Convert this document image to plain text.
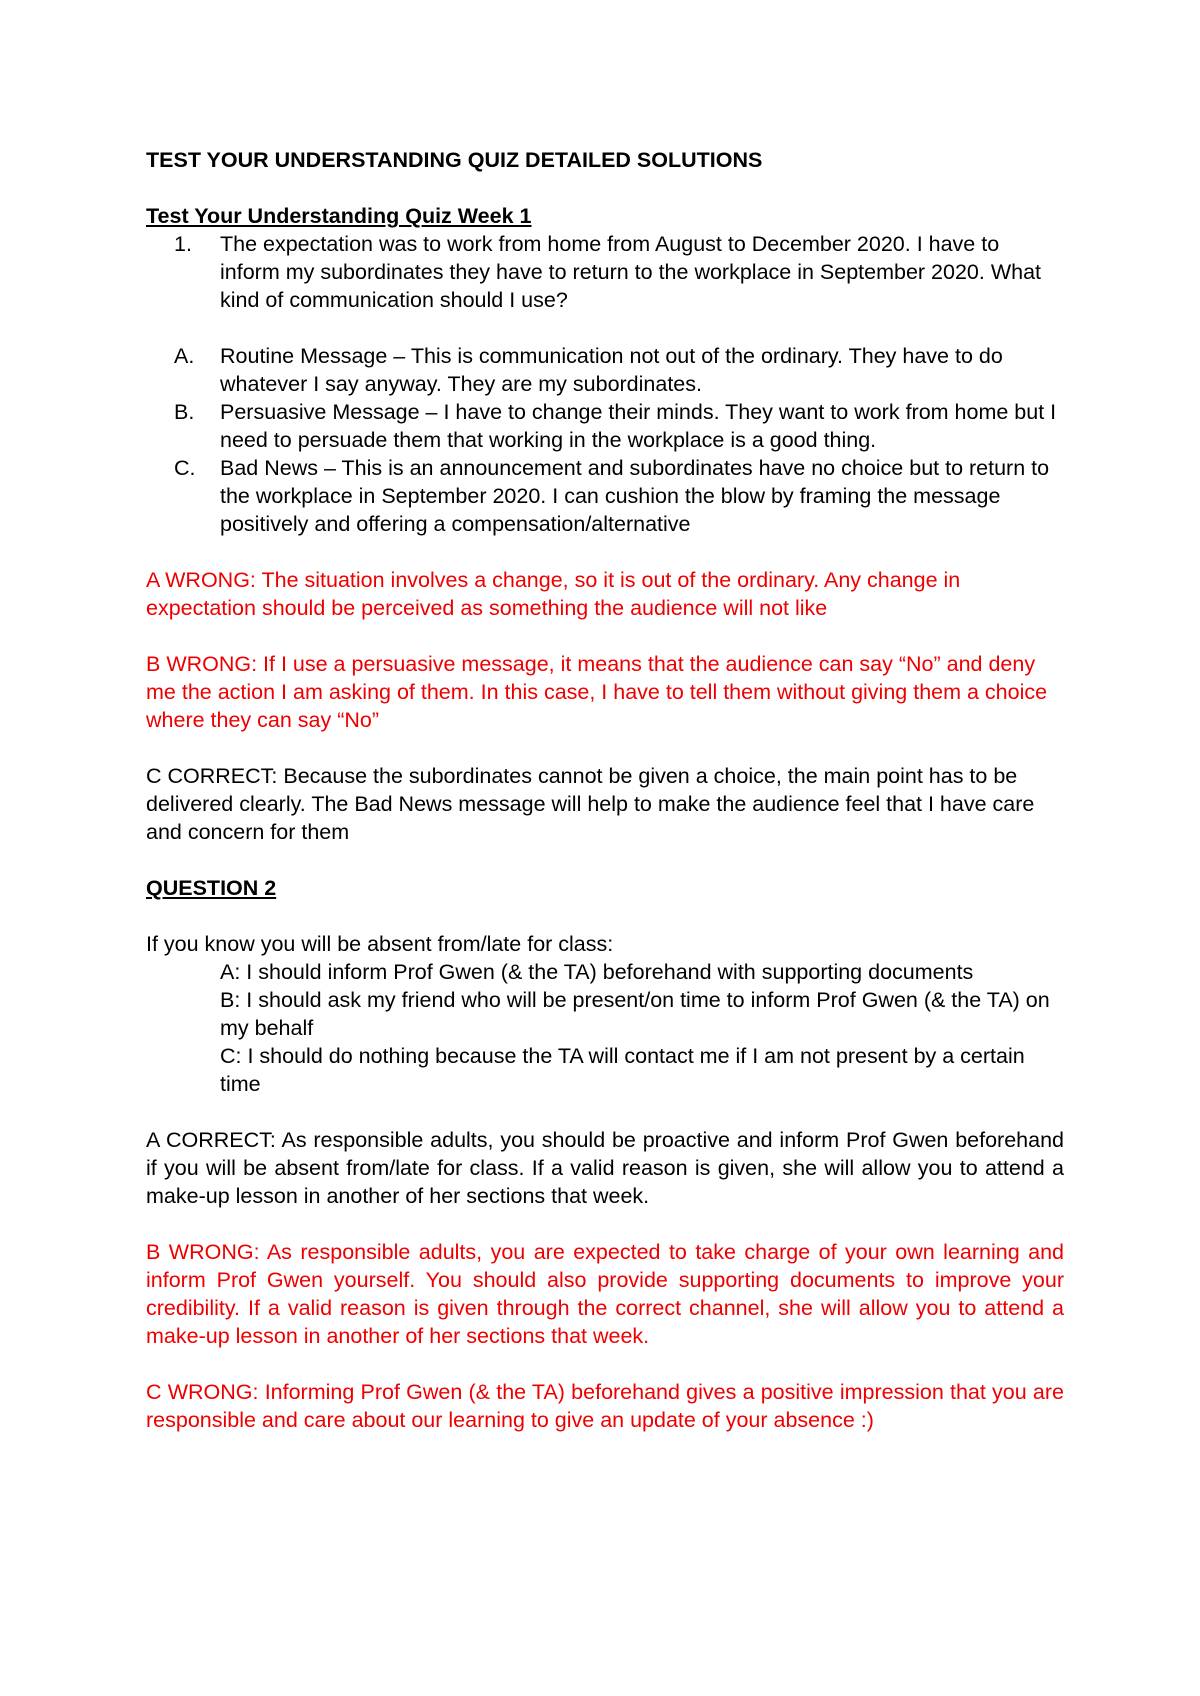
TEST YOUR UNDERSTANDING QUIZ DETAILED SOLUTIONS

Test Your Understanding Quiz Week 1

1.	The expectation was to work from home from August to December 2020. I have to inform my subordinates they have to return to the workplace in September 2020. What kind of communication should I use?
A.	Routine Message – This is communication not out of the ordinary. They have to do whatever I say anyway. They are my subordinates.
B.	Persuasive Message – I have to change their minds. They want to work from home but I need to persuade them that working in the workplace is a good thing.
C.	Bad News – This is an announcement and subordinates have no choice but to return to the workplace in September 2020. I can cushion the blow by framing the message positively and offering a compensation/alternative

A WRONG: The situation involves a change, so it is out of the ordinary. Any change in expectation should be perceived as something the audience will not like

B WRONG: If I use a persuasive message, it means that the audience can say “No” and deny me the action I am asking of them. In this case, I have to tell them without giving them a choice where they can say “No”

C CORRECT: Because the subordinates cannot be given a choice, the main point has to be delivered clearly. The Bad News message will help to make the audience feel that I have care and concern for them

QUESTION 2

If you know you will be absent from/late for class:

A: I should inform Prof Gwen (& the TA) beforehand with supporting documents

B: I should ask my friend who will be present/on time to inform Prof Gwen (& the TA) on my behalf

C: I should do nothing because the TA will contact me if I am not present by a certain time

A CORRECT: As responsible adults, you should be proactive and inform Prof Gwen beforehand if you will be absent from/late for class. If a valid reason is given, she will allow you to attend a make-up lesson in another of her sections that week.

B WRONG: As responsible adults, you are expected to take charge of your own learning and inform Prof Gwen yourself. You should also provide supporting documents to improve your credibility. If a valid reason is given through the correct channel, she will allow you to attend a make-up lesson in another of her sections that week.

C WRONG: Informing Prof Gwen (& the TA) beforehand gives a positive impression that you are responsible and care about our learning to give an update of your absence :)
